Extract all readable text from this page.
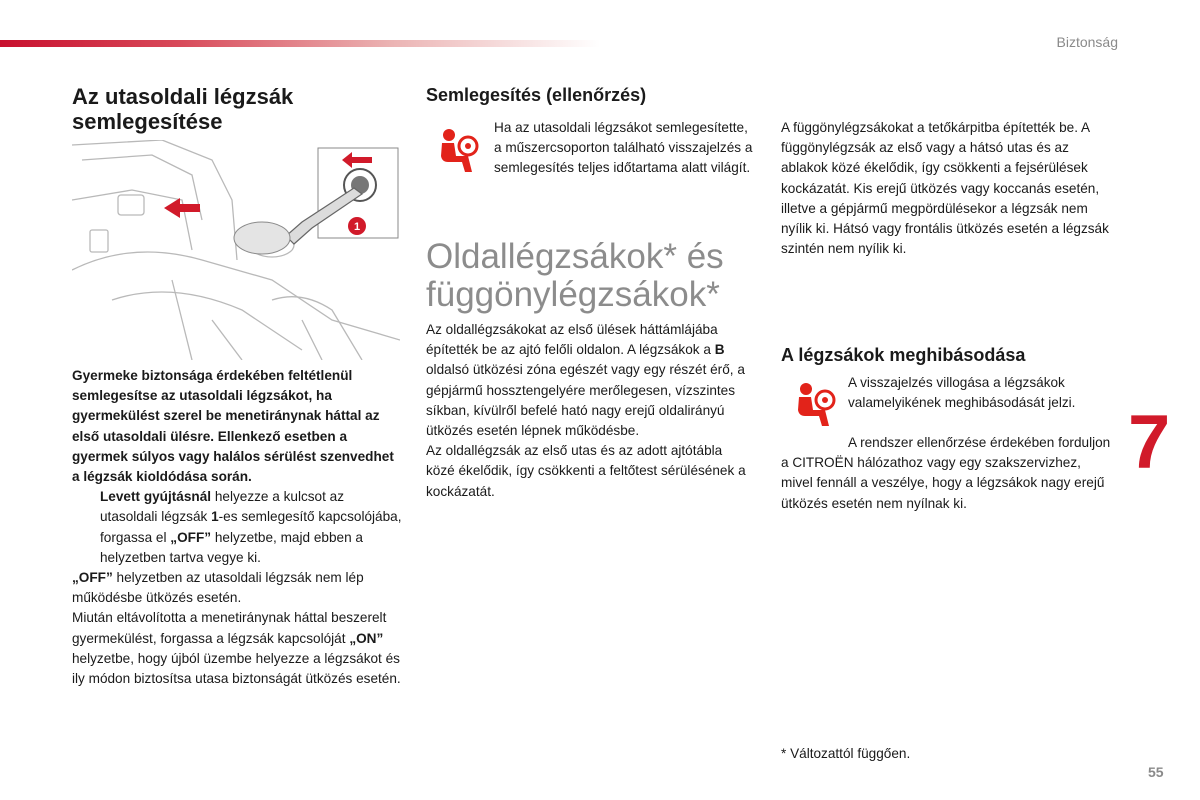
Biztonság
7
55
Az utasoldali légzsák
semlegesítése
1

Gyermeke biztonsága érdekében feltétlenül semlegesítse az utasoldali légzsákot, ha gyermekülést szerel be menetiránynak háttal az első utasoldali ülésre. Ellenkező esetben a gyermek súlyos vagy halálos sérülést szenvedhet a légzsák kioldódása során.

Levett gyújtásnál helyezze a kulcsot az utasoldali légzsák 1-es semlegesítő kapcsolójába, forgassa el „OFF” helyzetbe, majd ebben a helyzetben tartva vegye ki.

„OFF” helyzetben az utasoldali légzsák nem lép működésbe ütközés esetén.

Miután eltávolította a menetiránynak háttal beszerelt gyermekülést, forgassa a légzsák kapcsolóját „ON” helyzetbe, hogy újból üzembe helyezze a légzsákot és ily módon biztosítsa utasa biztonságát ütközés esetén.

Semlegesítés (ellenőrzés)
Ha az utasoldali légzsákot semlegesítette, a műszercsoporton található visszajelzés a semlegesítés teljes időtartama alatt világít.
Oldallégzsákok* és
függönylégzsákok*

Az oldallégzsákokat az első ülések háttámlájába építették be az ajtó felőli oldalon. A légzsákok a B oldalsó ütközési zóna egészét vagy egy részét érő, a gépjármű hossztengelyére merőlegesen, vízszintes síkban, kívülről befelé ható nagy erejű oldalirányú ütközés esetén lépnek működésbe.

Az oldallégzsák az első utas és az adott ajtótábla közé ékelődik, így csökkenti a feltőtest sérülésének a kockázatát.

A függönylégzsákokat a tetőkárpitba építették be. A függönylégzsák az első vagy a hátsó utas és az ablakok közé ékelődik, így csökkenti a fejsérülések kockázatát. Kis erejű ütközés vagy koccanás esetén, illetve a gépjármű megpördülésekor a légzsák nem nyílik ki. Hátsó vagy frontális ütközés esetén a légzsák szintén nem nyílik ki.
A légzsákok meghibásodása
A visszajelzés villogása a légzsákok valamelyikének meghibásodását jelzi.
A rendszer ellenőrzése érdekében forduljon a CITROËN hálózathoz vagy egy szakszervizhez, mivel fennáll a veszélye, hogy a légzsákok nagy erejű ütközés esetén nem nyílnak ki.
* Változattól függően.
